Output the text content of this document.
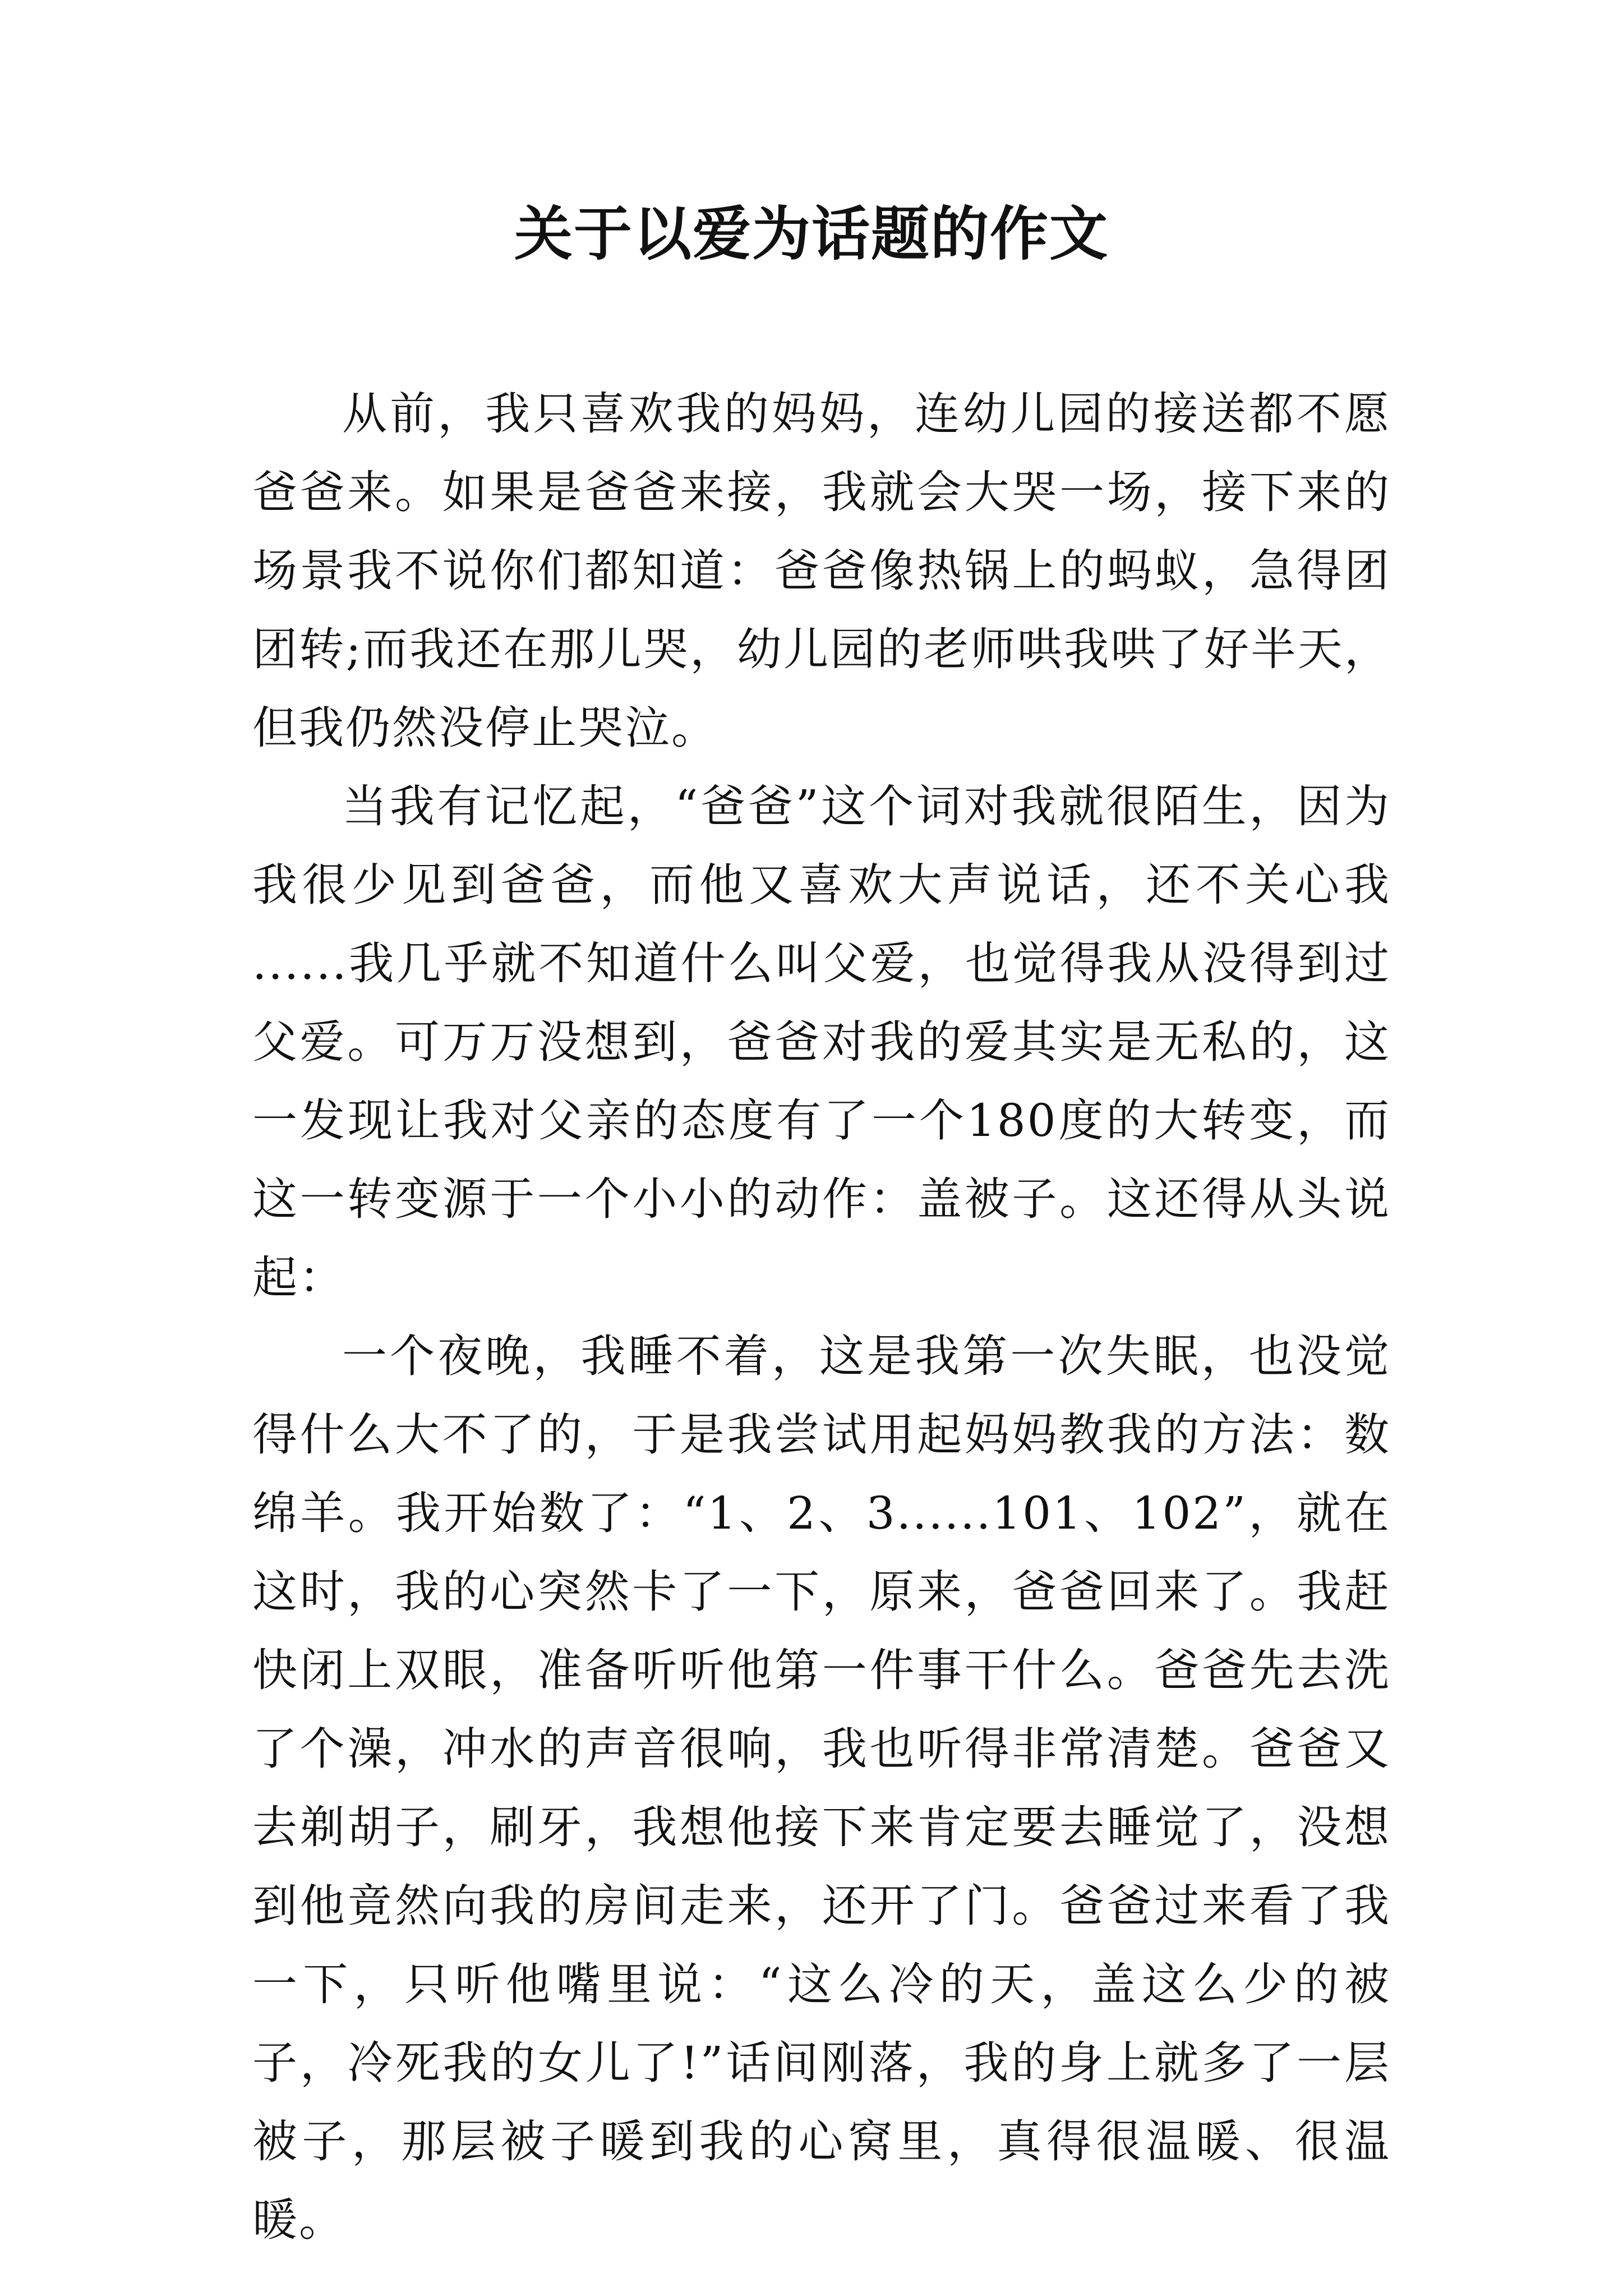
关于以爱为话题的作文

从前，我只喜欢我的妈妈，连幼儿园的接送都不愿爸爸来。如果是爸爸来接，我就会大哭一场，接下来的场景我不说你们都知道：爸爸像热锅上的蚂蚁，急得团团转;而我还在那儿哭，幼儿园的老师哄我哄了好半天，但我仍然没停止哭泣。

当我有记忆起，“爸爸”这个词对我就很陌生，因为我很少见到爸爸，而他又喜欢大声说话，还不关心我 ......我几乎就不知道什么叫父爱，也觉得我从没得到过父爱。可万万没想到，爸爸对我的爱其实是无私的，这一发现让我对父亲的态度有了一个180度的大转变，而这一转变源于一个小小的动作：盖被子。这还得从头说起：

一个夜晚，我睡不着，这是我第一次失眠，也没觉得什么大不了的，于是我尝试用起妈妈教我的方法：数绵羊。我开始数了：“1、2、3......101、102”，就在这时，我的心突然卡了一下，原来，爸爸回来了。我赶快闭上双眼，准备听听他第一件事干什么。爸爸先去洗了个澡，冲水的声音很响，我也听得非常清楚。爸爸又去剃胡子，刷牙，我想他接下来肯定要去睡觉了，没想到他竟然向我的房间走来，还开了门。爸爸过来看了我一下，只听他嘴里说：“这么冷的天，盖这么少的被子，冷死我的女儿了!”话间刚落，我的身上就多了一层被子，那层被子暖到我的心窝里，真得很温暖、很温暖。
